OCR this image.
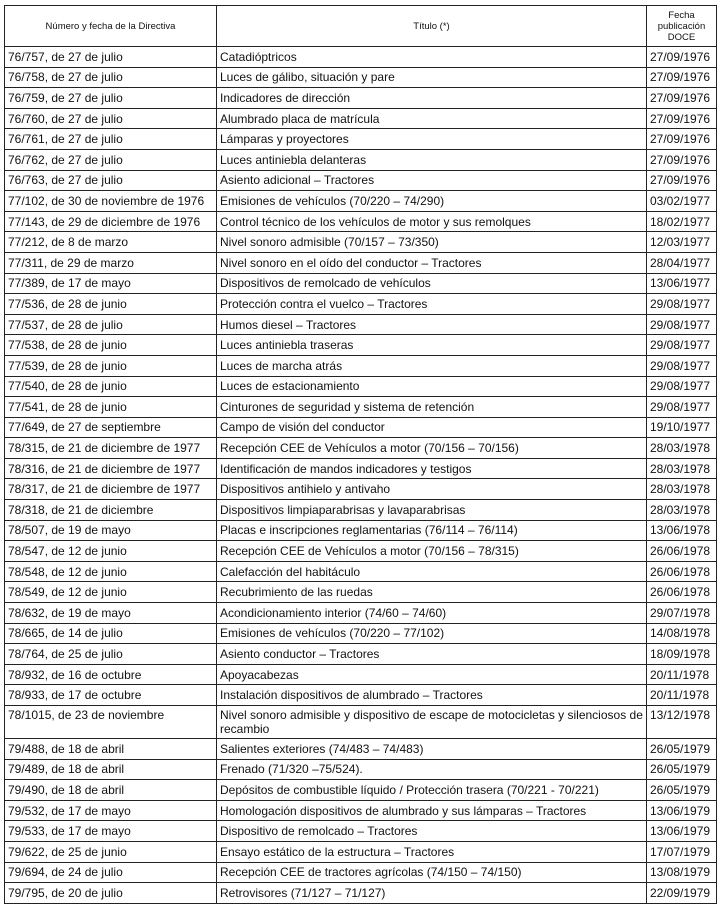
Número y fecha de la Directiva	Título (*)	Fecha
publicación
DOCE

76/757, de 27 de julio	Catadióptricos	27/09/1976
76/758, de 27 de julio	Luces de gálibo, situación y pare	27/09/1976
76/759, de 27 de julio	Indicadores de dirección	27/09/1976
76/760, de 27 de julio	Alumbrado placa de matrícula	27/09/1976
76/761, de 27 de julio	Lámparas y proyectores	27/09/1976
76/762, de 27 de julio	Luces antiniebla delanteras	27/09/1976
76/763, de 27 de julio	Asiento adicional – Tractores	27/09/1976
77/102, de 30 de noviembre de 1976	Emisiones de vehículos (70/220 – 74/290)	03/02/1977
77/143, de 29 de diciembre de 1976	Control técnico de los vehículos de motor y sus remolques	18/02/1977
77/212, de 8 de marzo	Nivel sonoro admisible (70/157 – 73/350)	12/03/1977
77/311, de 29 de marzo	Nivel sonoro en el oído del conductor – Tractores	28/04/1977
77/389, de 17 de mayo	Dispositivos de remolcado de vehículos	13/06/1977
77/536, de 28 de junio	Protección contra el vuelco – Tractores	29/08/1977
77/537, de 28 de julio	Humos diesel – Tractores	29/08/1977
77/538, de 28 de junio	Luces antiniebla traseras	29/08/1977
77/539, de 28 de junio	Luces de marcha atrás	29/08/1977
77/540, de 28 de junio	Luces de estacionamiento	29/08/1977
77/541, de 28 de junio	Cinturones de seguridad y sistema de retención	29/08/1977
77/649, de 27 de septiembre	Campo de visión del conductor	19/10/1977
78/315, de 21 de diciembre de 1977	Recepción CEE de Vehículos a motor (70/156 – 70/156)	28/03/1978
78/316, de 21 de diciembre de 1977	Identificación de mandos indicadores y testigos	28/03/1978
78/317, de 21 de diciembre de 1977	Dispositivos antihielo y antivaho	28/03/1978
78/318, de 21 de diciembre	Dispositivos limpiaparabrisas y lavaparabrisas	28/03/1978
78/507, de 19 de mayo	Placas e inscripciones reglamentarias (76/114 – 76/114)	13/06/1978
78/547, de 12 de junio	Recepción CEE de Vehículos a motor (70/156 – 78/315)	26/06/1978
78/548, de 12 de junio	Calefacción del habitáculo	26/06/1978
78/549, de 12 de junio	Recubrimiento de las ruedas	26/06/1978
78/632, de 19 de mayo	Acondicionamiento interior (74/60 – 74/60)	29/07/1978
78/665, de 14 de julio	Emisiones de vehículos (70/220 – 77/102)	14/08/1978
78/764, de 25 de julio	Asiento conductor – Tractores	18/09/1978
78/932, de 16 de octubre	Apoyacabezas	20/11/1978
78/933, de 17 de octubre	Instalación dispositivos de alumbrado – Tractores	20/11/1978
78/1015, de 23 de noviembre	Nivel sonoro admisible y dispositivo de escape de motocicletas y silenciosos de recambio	13/12/1978
79/488, de 18 de abril	Salientes exteriores (74/483 – 74/483)	26/05/1979
79/489, de 18 de abril	Frenado (71/320 –75/524).	26/05/1979
79/490, de 18 de abril	Depósitos de combustible líquido / Protección trasera (70/221 - 70/221)	26/05/1979
79/532, de 17 de mayo	Homologación dispositivos de alumbrado y sus lámparas – Tractores	13/06/1979
79/533, de 17 de mayo	Dispositivo de remolcado – Tractores	13/06/1979
79/622, de 25 de junio	Ensayo estático de la estructura – Tractores	17/07/1979
79/694, de 24 de julio	Recepción CEE de tractores agrícolas (74/150 – 74/150)	13/08/1979
79/795, de 20 de julio	Retrovisores (71/127 – 71/127)	22/09/1979
